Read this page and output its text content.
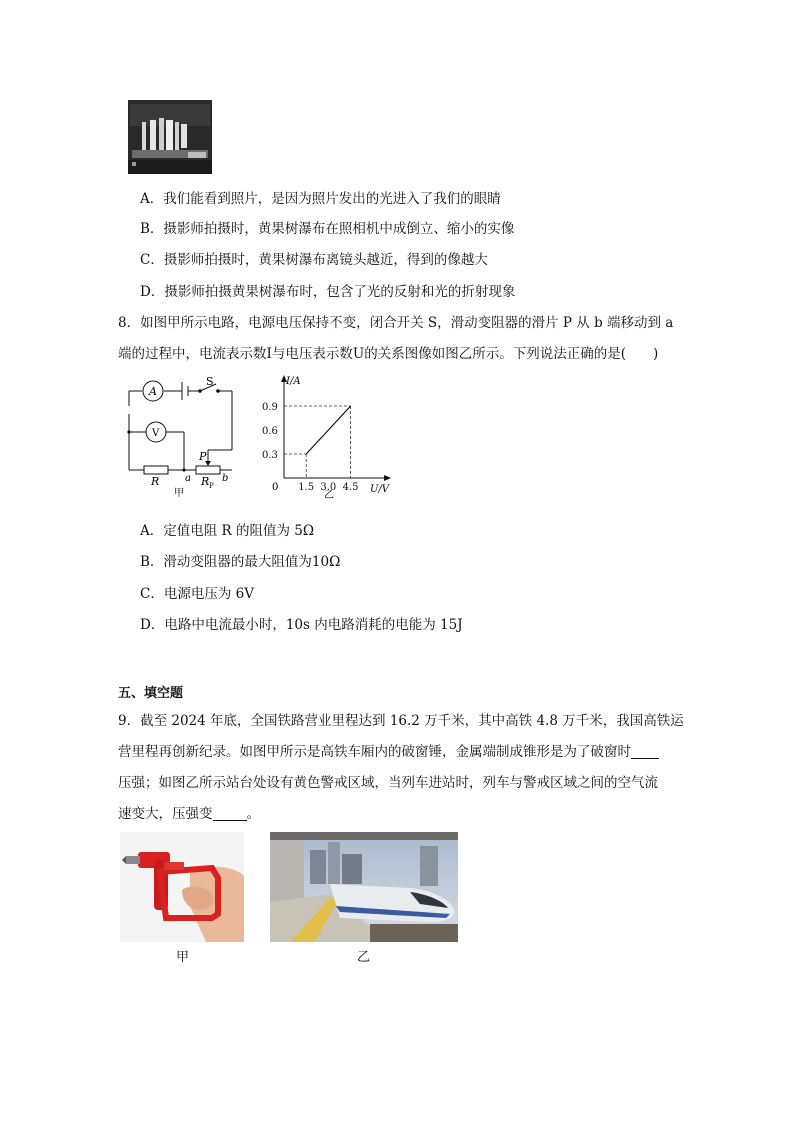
A．我们能看到照片，是因为照片发出的光进入了我们的眼睛
B．摄影师拍摄时，黄果树瀑布在照相机中成倒立、缩小的实像
C．摄影师拍摄时，黄果树瀑布离镜头越近，得到的像越大
D．摄影师拍摄黄果树瀑布时，包含了光的反射和光的折射现象
8．如图甲所示电路，电源电压保持不变，闭合开关 S，滑动变阻器的滑片 P 从 b 端移动到 a
端的过程中，电流表示数I与电压表示数U的关系图像如图乙所示。下列说法正确的是(　　)
A
V
S
P
R	a R P
b
甲
1.5 3.0 4.5
0.3
0.6
0.9
I/A
U/V
0
乙
A．定值电阻 R 的阻值为 5Ω
B．滑动变阻器的最大阻值为10Ω
C．电源电压为 6V
D．电路中电流最小时，10s 内电路消耗的电能为 15J
五、填空题
9．截至 2024 年底，全国铁路营业里程达到 16.2 万千米，其中高铁 4.8 万千米，我国高铁运
营里程再创新纪录。如图甲所示是高铁车厢内的破窗锤，金属端制成锥形是为了破窗时
压强；如图乙所示站台处设有黄色警戒区域，当列车进站时，列车与警戒区域之间的空气流
速变大，压强变	。
甲	乙
